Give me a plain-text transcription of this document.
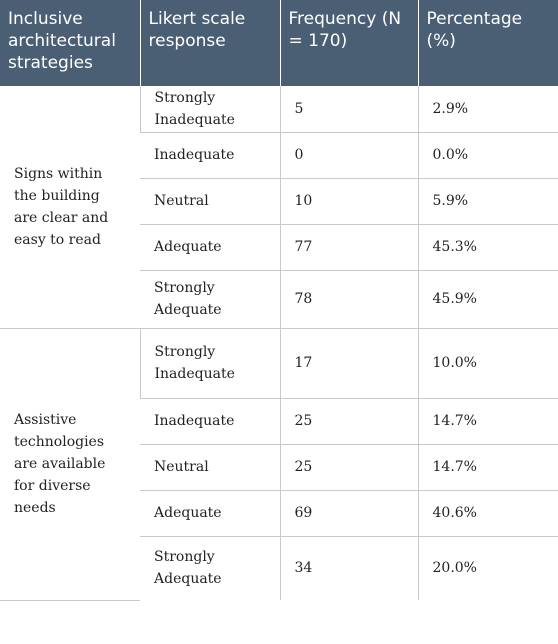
Inclusive architectural strategies	Likert scale response	Frequency (N = 170)	Percentage (%)
Signs within the building are clear and easy to read	Strongly Inadequate	5	2.9%
	Inadequate	0	0.0%
	Neutral	10	5.9%
	Adequate	77	45.3%
	Strongly Adequate	78	45.9%
Assistive technologies are available for diverse needs	Strongly Inadequate	17	10.0%
	Inadequate	25	14.7%
	Neutral	25	14.7%
	Adequate	69	40.6%
	Strongly Adequate	34	20.0%
